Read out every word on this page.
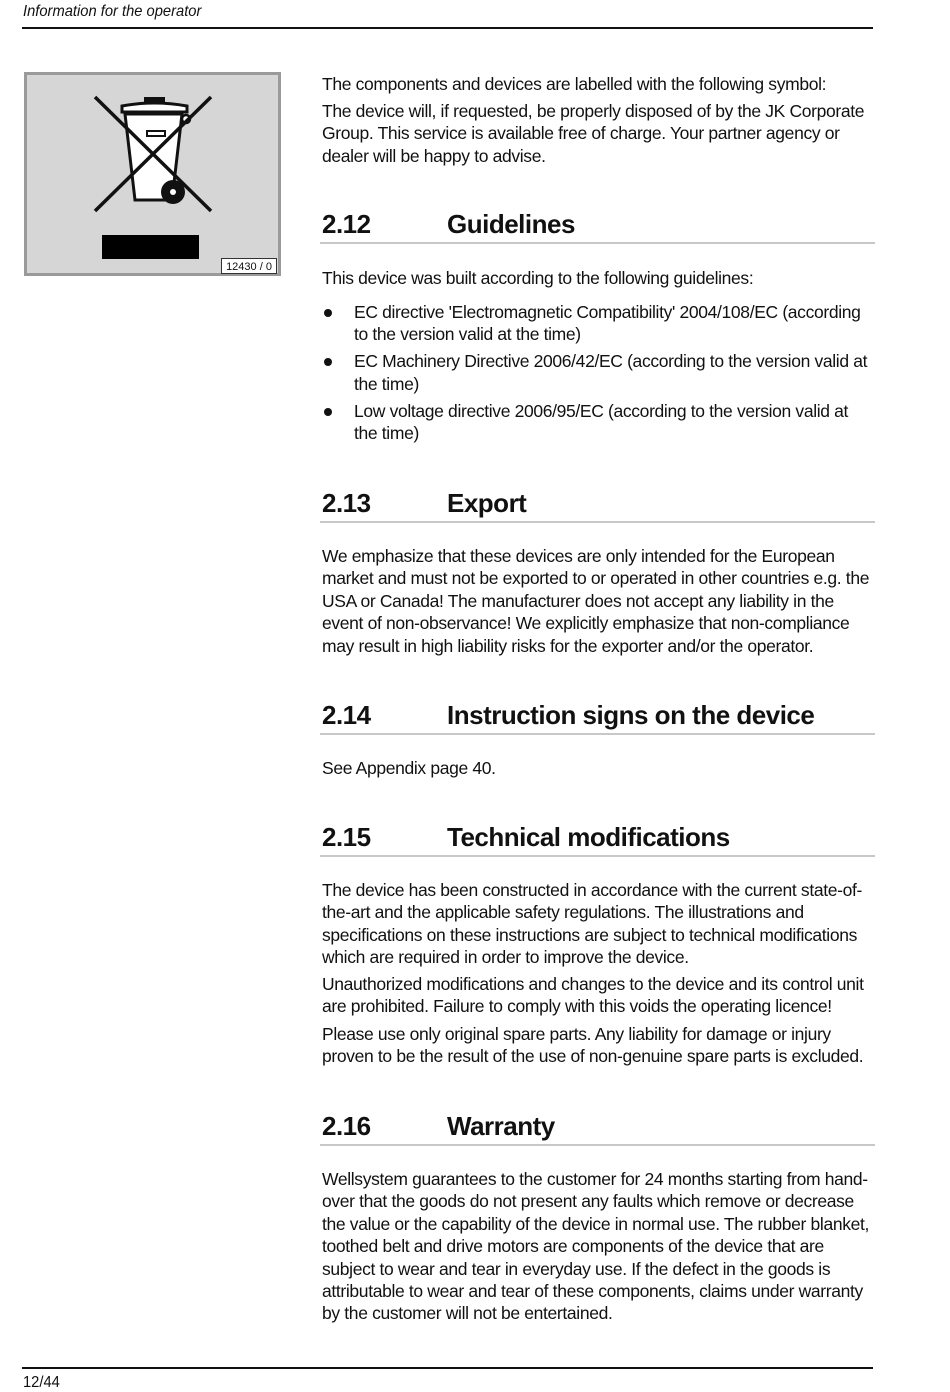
Information for the operator
12430 / 0

The components and devices are labelled with the following symbol:

The device will, if requested, be properly disposed of by the JK Corporate Group. This service is available free of charge. Your partner agency or dealer will be happy to advise.

2.12	Guidelines

This device was built according to the following guidelines:

EC directive 'Electromagnetic Compatibility' 2004/108/EC (according to the version valid at the time)
EC Machinery Directive 2006/42/EC (according to the version valid at the time)
Low voltage directive 2006/95/EC (according to the version valid at the time)
2.13	Export

We emphasize that these devices are only intended for the European market and must not be exported to or operated in other countries e.g. the USA or Canada! The manufacturer does not accept any liability in the event of non-observance! We explicitly emphasize that non-compliance may result in high liability risks for the exporter and/or the operator.

2.14	Instruction signs on the device

See Appendix page 40.

2.15	Technical modifications

The device has been constructed in accordance with the current state-of-the-art and the applicable safety regulations. The illustrations and specifications on these instructions are subject to technical modifications which are required in order to improve the device.

Unauthorized modifications and changes to the device and its control unit are prohibited. Failure to comply with this voids the operating licence!

Please use only original spare parts. Any liability for damage or injury proven to be the result of the use of non-genuine spare parts is excluded.

2.16	Warranty

Wellsystem guarantees to the customer for 24 months starting from hand-over that the goods do not present any faults which remove or decrease the value or the capability of the device in normal use. The rubber blanket, toothed belt and drive motors are components of the device that are subject to wear and tear in everyday use. If the defect in the goods is attributable to wear and tear of these components, claims under warranty by the customer will not be entertained.

12/44
